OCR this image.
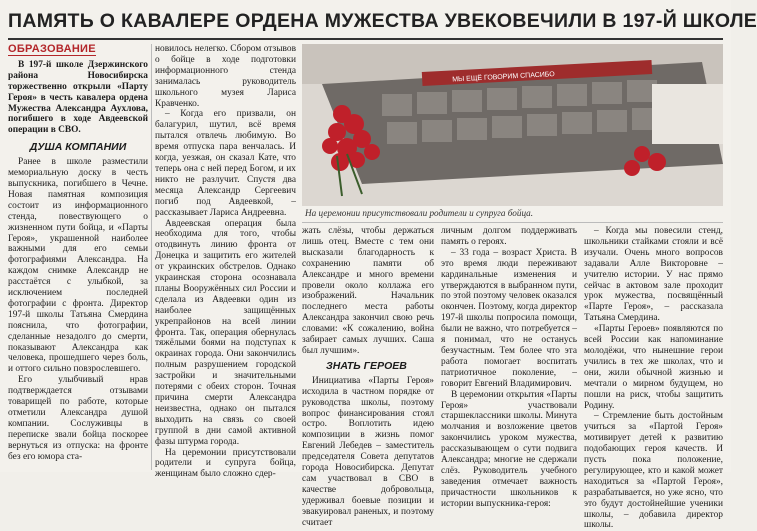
ПАМЯТЬ О КАВАЛЕРЕ ОРДЕНА МУЖЕСТВА УВЕКОВЕЧИЛИ В 197-Й ШКОЛЕ
ОБРАЗОВАНИЕ

В 197-й школе Дзержинского района Новосибирска торжественно открыли «Парту Героя» в честь кавалера ордена Мужества Александра Аухлова, погибшего в ходе Авдеевской операции в СВО.

ДУША КОМПАНИИ

Ранее в школе разместили мемориальную доску в честь выпускника, погибшего в Чечне. Новая памятная композиция состоит из информационного стенда, повествующего о жизненном пути бойца, и «Парты Героя», украшенной наиболее важными для его семьи фотографиями Александра. На каждом снимке Александр не расстаётся с улыбкой, за исключением последней фотографии с фронта. Директор 197-й школы Татьяна Смердина пояснила, что фотографии, сделанные незадолго до смерти, показывают Александра как человека, прошедшего через боль, и оттого сильно повзрослевшего.

Его улыбчивый нрав подтверждается отзывами товарищей по работе, которые отметили Александра душой компании. Сослуживцы в переписке звали бойца поскорее вернуться из отпуска: на фронте без его юмора ста-

новилось нелегко. Сбором отзывов о бойце в ходе подготовки информационного стенда занималась руководитель школьного музея Лариса Кравченко.

– Когда его призвали, он балагурил, шутил, всё время пытался отвлечь любимую. Во время отпуска пара венчалась. И когда, уезжая, он сказал Кате, что теперь она с ней перед Богом, и их никто не разлучит. Спустя два месяца Александр Сергеевич погиб под Авдеевкой, – рассказывает Лариса Андреевна.

Авдеевская операция была необходима для того, чтобы отодвинуть линию фронта от Донецка и защитить его жителей от украинских обстрелов. Однако украинская сторона осознавала планы Вооружённых сил России и сделала из Авдеевки один из наиболее защищённых укрепрайонов на всей линии фронта. Так, операция обернулась тяжёлыми боями на подступах к окраинах города. Они закончились полным разрушением городской застройки и значительными потерями с обеих сторон. Точная причина смерти Александра неизвестна, однако он пытался выходить на связь со своей группой в дни самой активной фазы штурма города.

На церемонии присутствовали родители и супруга бойца, женщинам было сложно сдер-

МЫ ЕЩЁ ГОВОРИМ СПАСИБО
На церемонии присутствовали родители и супруга бойца.

жать слёзы, чтобы держаться лишь отец. Вместе с тем они высказали благодарность к сохранению памяти об Александре и много времени провели около коллажа его изображений. Начальник последнего места работы Александра закончил свою речь словами: «К сожалению, война забирает самых лучших. Саша был лучшим».

ЗНАТЬ ГЕРОЕВ

Инициатива «Парты Героя» исходила в частном порядке от руководства школы, поэтому вопрос финансирования стоял остро. Воплотить идею композиции в жизнь помог Евгений Лебедев – заместитель председателя Совета депутатов города Новосибирска. Депутат сам участвовал в СВО в качестве добровольца, удерживал боевые позиции и эвакуировал раненых, и поэтому считает

личным долгом поддерживать память о героях.

– 33 года – возраст Христа. В это время люди переживают кардинальные изменения и утверждаются в выбранном пути, по этой поэтому человек оказался окончен. Поэтому, когда директор 197-й школы попросила помощи, были не важно, что потребуется – я понимал, что не останусь безучастным. Тем более что эта работа помогает воспитать патриотичное поколение, – говорит Евгений Владимирович.

В церемонии открытия «Парты Героя» участвовали старшеклассники школы. Минута молчания и возложение цветов закончились уроком мужества, рассказывающем о сути подвига Александра; многие не сдержали слёз. Руководитель учебного заведения отмечает важность причастности школьников к истории выпускника-героя:

– Когда мы повесили стенд, школьники стайками стояли и всё изучали. Очень много вопросов задавали Алле Викторовне – учителю истории. У нас прямо сейчас в актовом зале проходит урок мужества, посвящённый «Парте Героя», – рассказала Татьяна Смердина.

«Парты Героев» появляются по всей России как напоминание молодёжи, что нынешние герои учились в тех же школах, что и они, жили обычной жизнью и мечтали о мирном будущем, но пошли на риск, чтобы защитить Родину.

– Стремление быть достойным учиться за «Партой Героя» мотивирует детей к развитию подобающих героя качеств. И пусть пока положение, регулирующее, кто и какой может находиться за «Партой Героя», разрабатывается, но уже ясно, что это будут достойнейшие ученики школы, – добавила директор школы.
